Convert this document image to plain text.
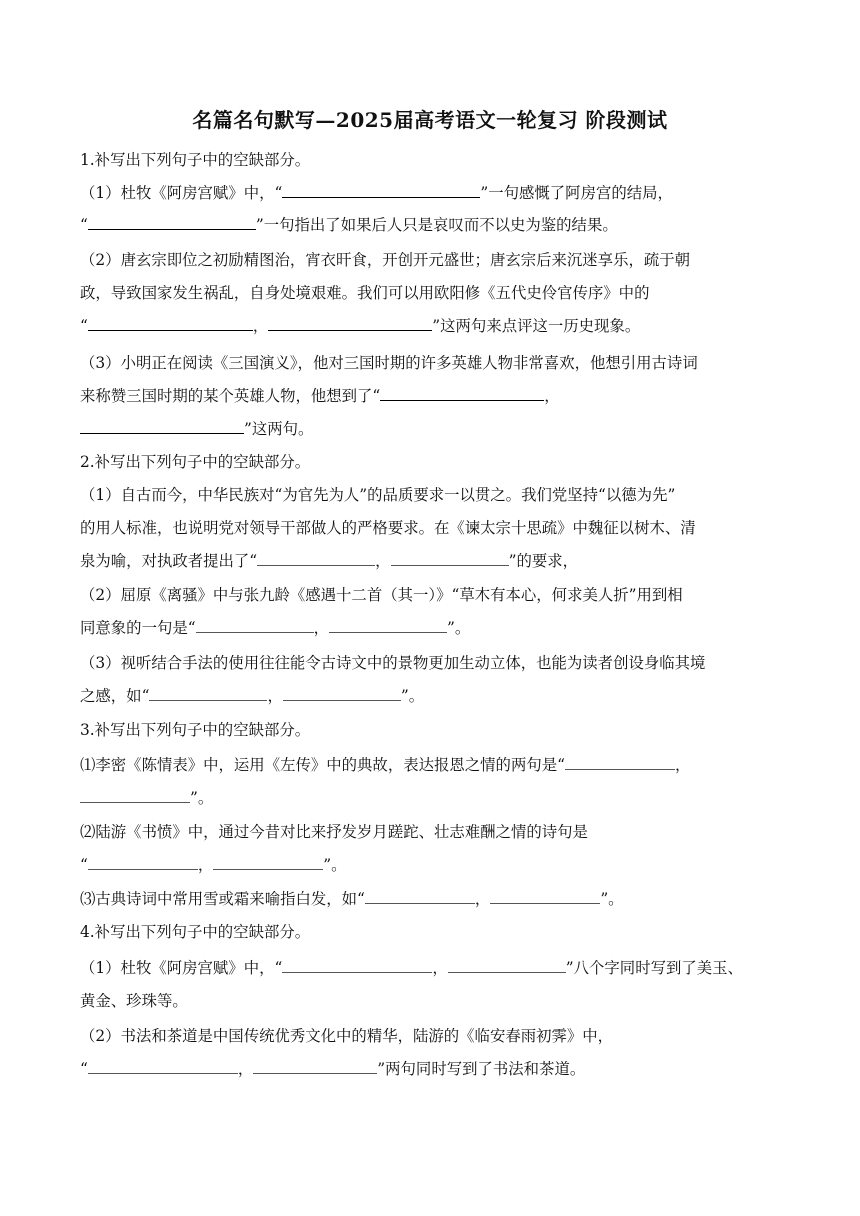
名篇名句默写—2025届高考语文一轮复习 阶段测试
1.补写出下列句子中的空缺部分。
（1）杜牧《阿房宫赋》中，“	”一句感慨了阿房宫的结局，
“	”一句指出了如果后人只是哀叹而不以史为鉴的结果。
（2）唐玄宗即位之初励精图治，宵衣旰食，开创开元盛世；唐玄宗后来沉迷享乐，疏于朝
政，导致国家发生祸乱，自身处境艰难。我们可以用欧阳修《五代史伶官传序》中的
“	，	”这两句来点评这一历史现象。
（3）小明正在阅读《三国演义》，他对三国时期的许多英雄人物非常喜欢，他想引用古诗词
来称赞三国时期的某个英雄人物，他想到了“	，
”这两句。
2.补写出下列句子中的空缺部分。
（1）自古而今，中华民族对“为官先为人”的品质要求一以贯之。我们党坚持“以德为先”
的用人标准，也说明党对领导干部做人的严格要求。在《谏太宗十思疏》中魏征以树木、清
泉为喻，对执政者提出了“	，	”的要求，
（2）屈原《离骚》中与张九龄《感遇十二首（其一）》“草木有本心，何求美人折”用到相
同意象的一句是“	，	”。
（3）视听结合手法的使用往往能令古诗文中的景物更加生动立体，也能为读者创设身临其境
之感，如“	，	”。
3.补写出下列句子中的空缺部分。
⑴李密《陈情表》中，运用《左传》中的典故，表达报恩之情的两句是“	，
”。
⑵陆游《书愤》中，通过今昔对比来抒发岁月蹉跎、壮志难酬之情的诗句是
“	，	”。
⑶古典诗词中常用雪或霜来喻指白发，如“	，	”。
4.补写出下列句子中的空缺部分。
（1）杜牧《阿房宫赋》中，“	，	”八个字同时写到了美玉、
黄金、珍珠等。
（2）书法和茶道是中国传统优秀文化中的精华，陆游的《临安春雨初霁》中，
“	，	”两句同时写到了书法和茶道。
